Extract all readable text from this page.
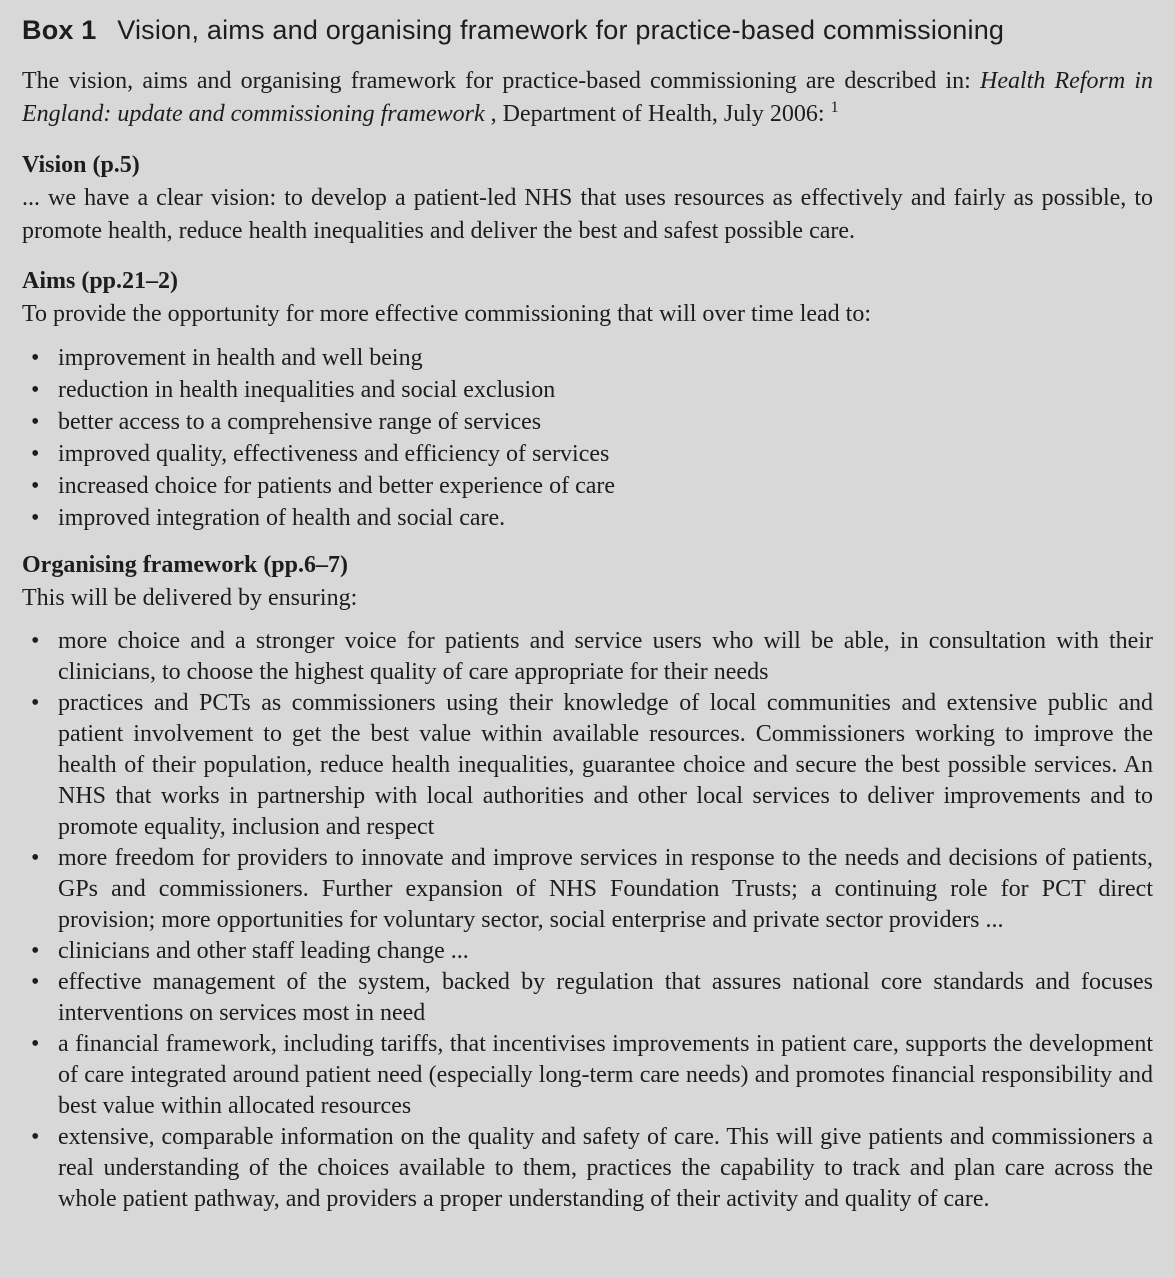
Box 1 Vision, aims and organising framework for practice-based commissioning

The vision, aims and organising framework for practice-based commissioning are described in: Health Reform in England: update and commissioning framework , Department of Health, July 2006: $^1$

Vision (p.5)

... we have a clear vision: to develop a patient-led NHS that uses resources as effectively and fairly as possible, to promote health, reduce health inequalities and deliver the best and safest possible care.

Aims (pp.21–2)

To provide the opportunity for more effective commissioning that will over time lead to:

• improvement in health and well being
• reduction in health inequalities and social exclusion
• better access to a comprehensive range of services
• improved quality, effectiveness and efficiency of services
• increased choice for patients and better experience of care
• improved integration of health and social care.
Organising framework (pp.6–7)

This will be delivered by ensuring:

• more choice and a stronger voice for patients and service users who will be able, in consultation with their clinicians, to choose the highest quality of care appropriate for their needs
• practices and PCTs as commissioners using their knowledge of local communities and extensive public and patient involvement to get the best value within available resources. Commissioners working to improve the health of their population, reduce health inequalities, guarantee choice and secure the best possible services. An NHS that works in partnership with local authorities and other local services to deliver improvements and to promote equality, inclusion and respect
• more freedom for providers to innovate and improve services in response to the needs and decisions of patients, GPs and commissioners. Further expansion of NHS Foundation Trusts; a continuing role for PCT direct provision; more opportunities for voluntary sector, social enterprise and private sector providers ...
• clinicians and other staff leading change ...
• effective management of the system, backed by regulation that assures national core standards and focuses interventions on services most in need
• a financial framework, including tariffs, that incentivises improvements in patient care, supports the development of care integrated around patient need (especially long-term care needs) and promotes financial responsibility and best value within allocated resources
• extensive, comparable information on the quality and safety of care. This will give patients and commissioners a real understanding of the choices available to them, practices the capability to track and plan care across the whole patient pathway, and providers a proper understanding of their activity and quality of care.
